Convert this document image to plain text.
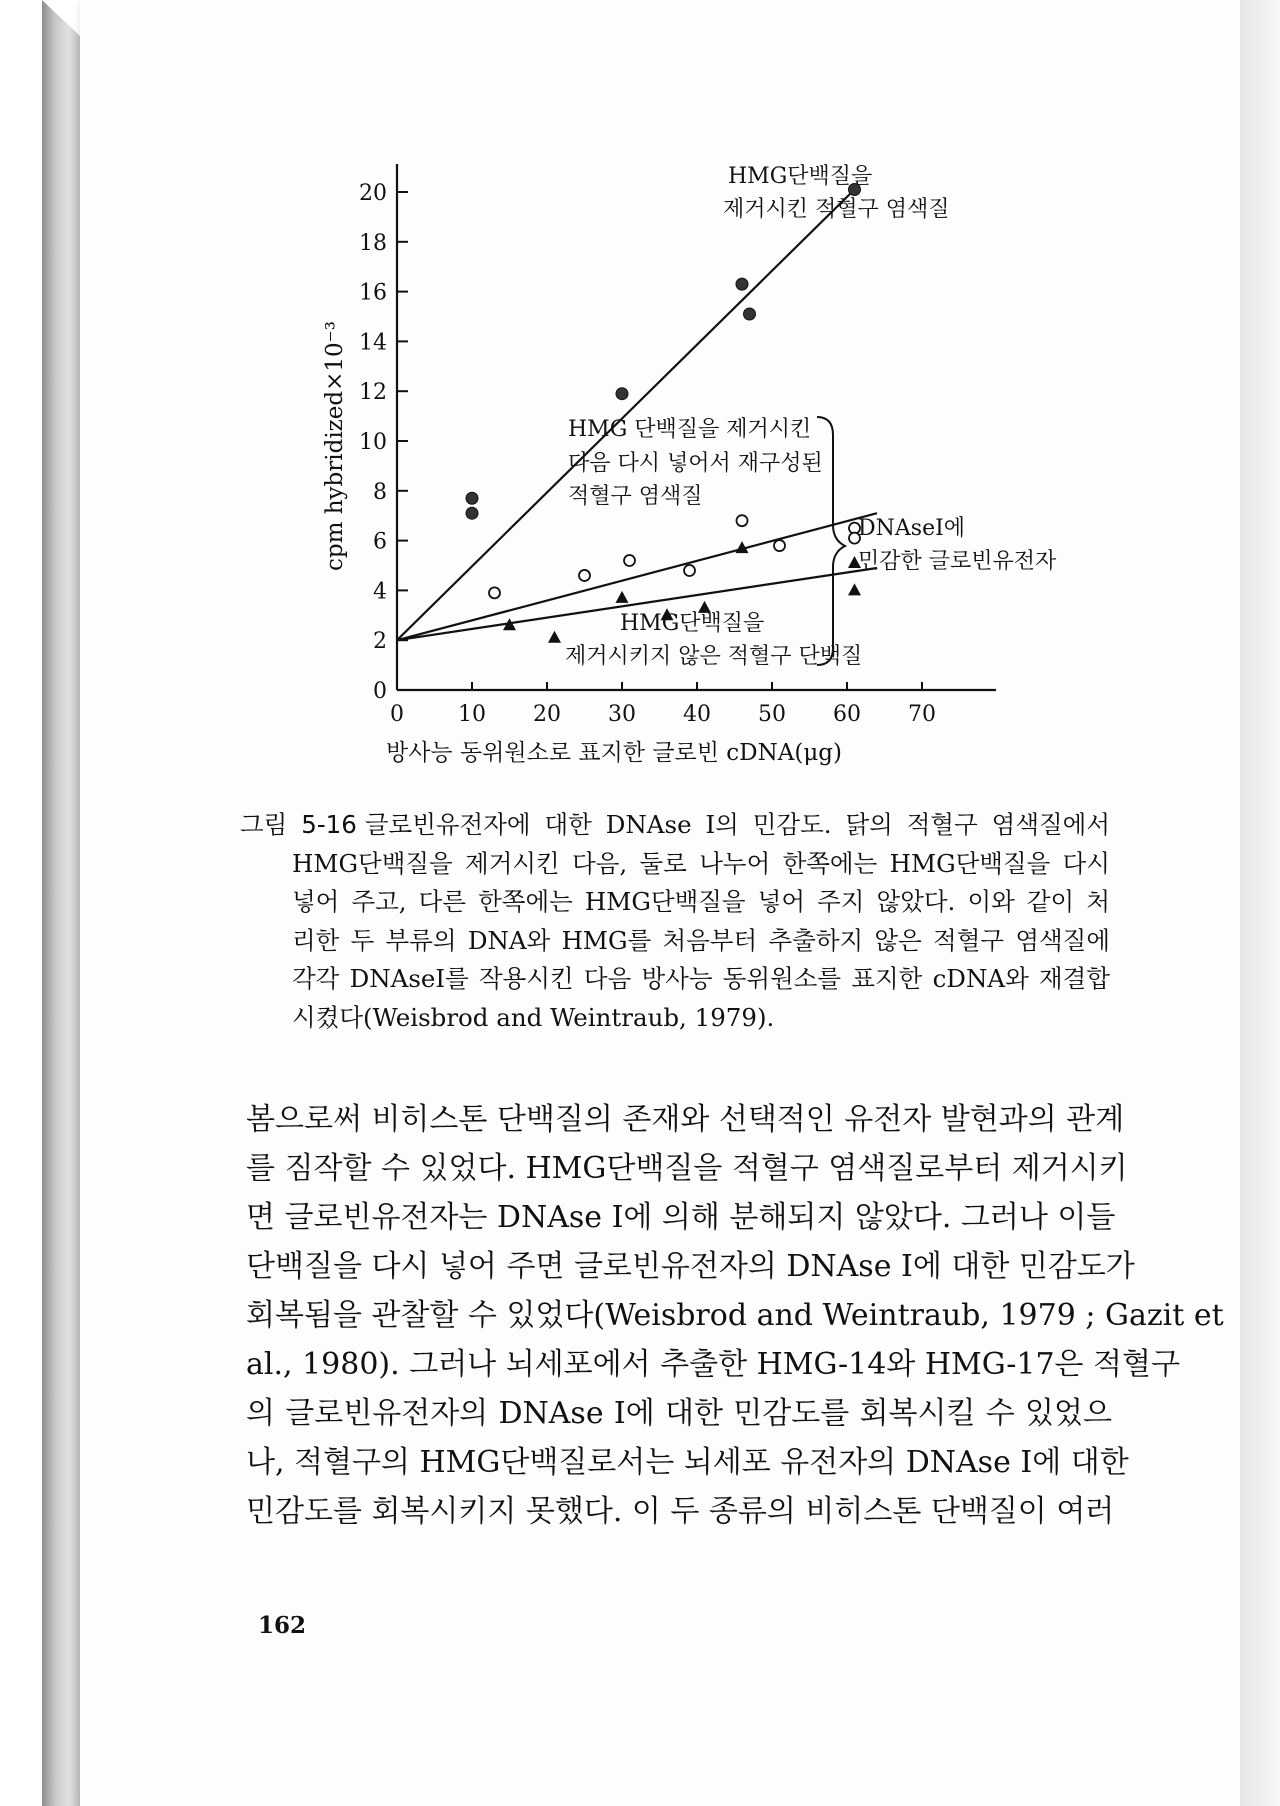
0
2
4
6
8
10
12
14
16
18
20
0 10 20 30 40 50 60 70
cpm hybridized×10⁻³
방사능 동위원소로 표지한 글로빈 cDNA(μg)
HMG단백질을
제거시킨 적혈구 염색질
HMG 단백질을 제거시킨
다음 다시 넣어서 재구성된
적혈구 염색질
HMG단백질을
제거시키지 않은 적혈구 단백질
DNAseI에
민감한 글로빈유전자
그림 5-16 글로빈유전자에 대한 DNAse I의 민감도. 닭의 적혈구 염색질에서
HMG단백질을 제거시킨 다음, 둘로 나누어 한쪽에는 HMG단백질을 다시
넣어 주고, 다른 한쪽에는 HMG단백질을 넣어 주지 않았다. 이와 같이 처
리한 두 부류의 DNA와 HMG를 처음부터 추출하지 않은 적혈구 염색질에
각각 DNAseI를 작용시킨 다음 방사능 동위원소를 표지한 cDNA와 재결합
시켰다(Weisbrod and Weintraub, 1979).
봄으로써 비히스톤 단백질의 존재와 선택적인 유전자 발현과의 관계
를 짐작할 수 있었다. HMG단백질을 적혈구 염색질로부터 제거시키
면 글로빈유전자는 DNAse I에 의해 분해되지 않았다. 그러나 이들
단백질을 다시 넣어 주면 글로빈유전자의 DNAse I에 대한 민감도가
회복됨을 관찰할 수 있었다(Weisbrod and Weintraub, 1979 ; Gazit et
al., 1980). 그러나 뇌세포에서 추출한 HMG-14와 HMG-17은 적혈구
의 글로빈유전자의 DNAse I에 대한 민감도를 회복시킬 수 있었으
나, 적혈구의 HMG단백질로서는 뇌세포 유전자의 DNAse I에 대한
민감도를 회복시키지 못했다. 이 두 종류의 비히스톤 단백질이 여러
162
